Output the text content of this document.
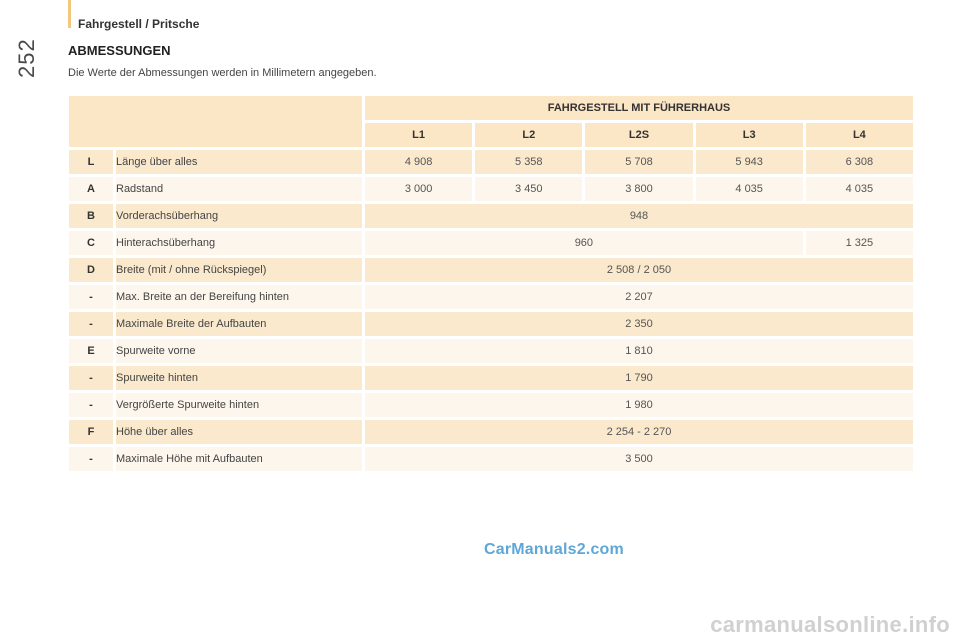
252
Fahrgestell / Pritsche
ABMESSUNGEN
Die Werte der Abmessungen werden in Millimetern angegeben.
		FAHRGESTELL MIT FÜHRERHAUS				
		L1	L2	L2S	L3	L4
L	Länge über alles	4 908	5 358	5 708	5 943	6 308
A	Radstand	3 000	3 450	3 800	4 035	4 035
B	Vorderachsüberhang	948				
C	Hinterachsüberhang	960				1 325
D	Breite (mit / ohne Rückspiegel)	2 508 / 2 050				
-	Max. Breite an der Bereifung hinten	2 207				
-	Maximale Breite der Aufbauten	2 350				
E	Spurweite vorne	1 810				
-	Spurweite hinten	1 790				
-	Vergrößerte Spurweite hinten	1 980				
F	Höhe über alles	2 254 - 2 270				
-	Maximale Höhe mit Aufbauten	3 500				
CarManuals2.com
carmanualsonline.info
